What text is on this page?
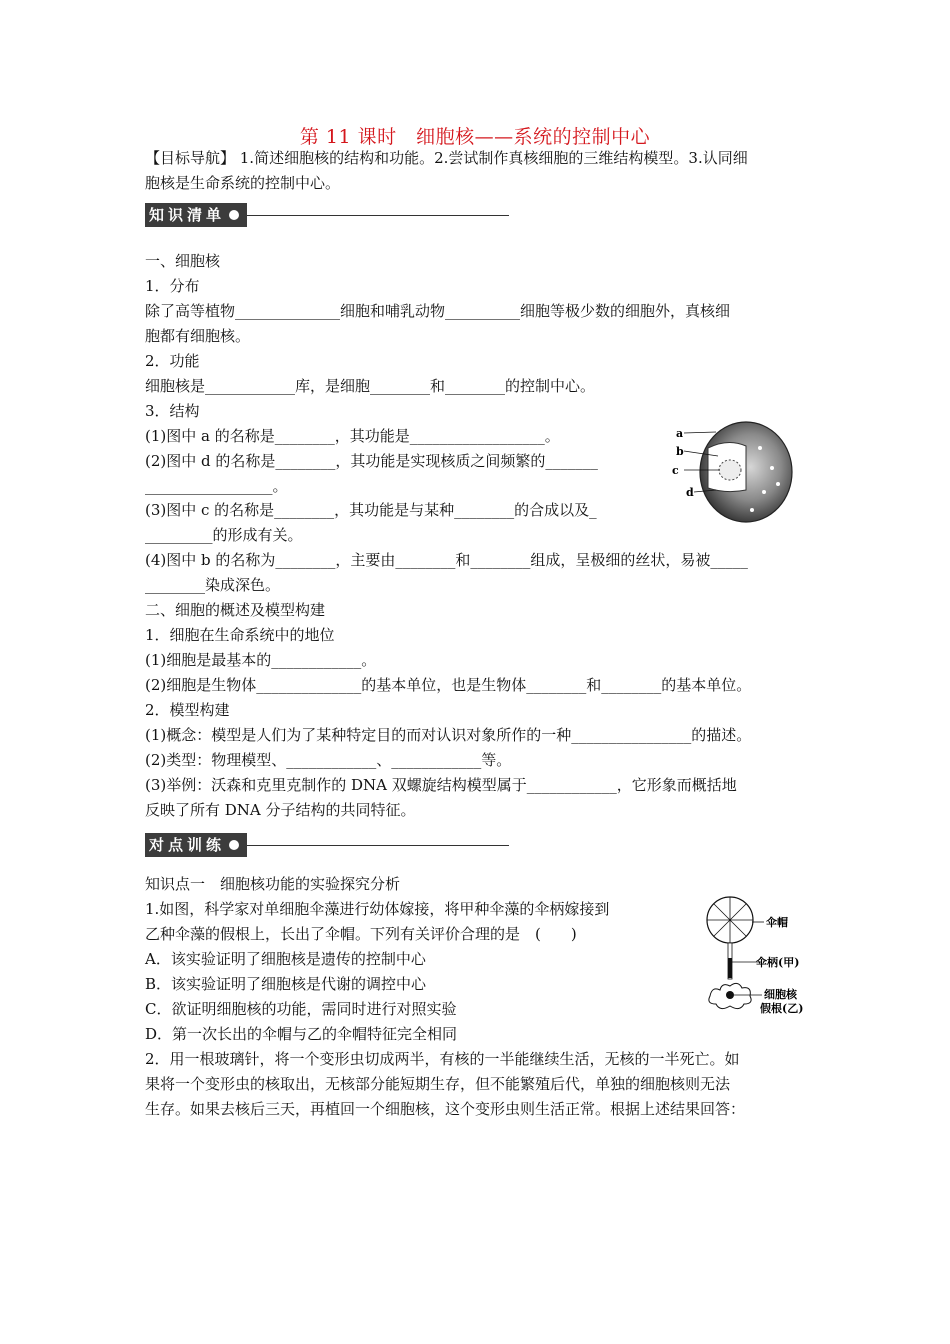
第 11 课时　细胞核——系统的控制中心
【目标导航】 1.简述细胞核的结构和功能。2.尝试制作真核细胞的三维结构模型。3.认同细
胞核是生命系统的控制中心。
知识清单
一、细胞核
1．分布
除了高等植物______________细胞和哺乳动物__________细胞等极少数的细胞外，真核细
胞都有细胞核。
2．功能
细胞核是____________库，是细胞________和________的控制中心。
3．结构
(1)图中 a 的名称是________，其功能是__________________。
(2)图中 d 的名称是________，其功能是实现核质之间频繁的_______
_________________。
(3)图中 c 的名称是________，其功能是与某种________的合成以及_
_________的形成有关。
(4)图中 b 的名称为________，主要由________和________组成，呈极细的丝状，易被_____
________染成深色。
二、细胞的概述及模型构建
1．细胞在生命系统中的地位
(1)细胞是最基本的____________。
(2)细胞是生物体______________的基本单位，也是生物体________和________的基本单位。
2．模型构建
(1)概念：模型是人们为了某种特定目的而对认识对象所作的一种________________的描述。
(2)类型：物理模型、____________、____________等。
(3)举例：沃森和克里克制作的 DNA 双螺旋结构模型属于____________，它形象而概括地
反映了所有 DNA 分子结构的共同特征。
a
b
c
d
对点训练
知识点一　细胞核功能的实验探究分析
1.如图，科学家对单细胞伞藻进行幼体嫁接，将甲种伞藻的伞柄嫁接到
乙种伞藻的假根上，长出了伞帽。下列有关评价合理的是　(　　)
A．该实验证明了细胞核是遗传的控制中心
B．该实验证明了细胞核是代谢的调控中心
C．欲证明细胞核的功能，需同时进行对照实验
D．第一次长出的伞帽与乙的伞帽特征完全相同
2．用一根玻璃针，将一个变形虫切成两半，有核的一半能继续生活，无核的一半死亡。如
果将一个变形虫的核取出，无核部分能短期生存，但不能繁殖后代，单独的细胞核则无法
生存。如果去核后三天，再植回一个细胞核，这个变形虫则生活正常。根据上述结果回答：
伞帽
伞柄(甲)
细胞核
假根(乙)
